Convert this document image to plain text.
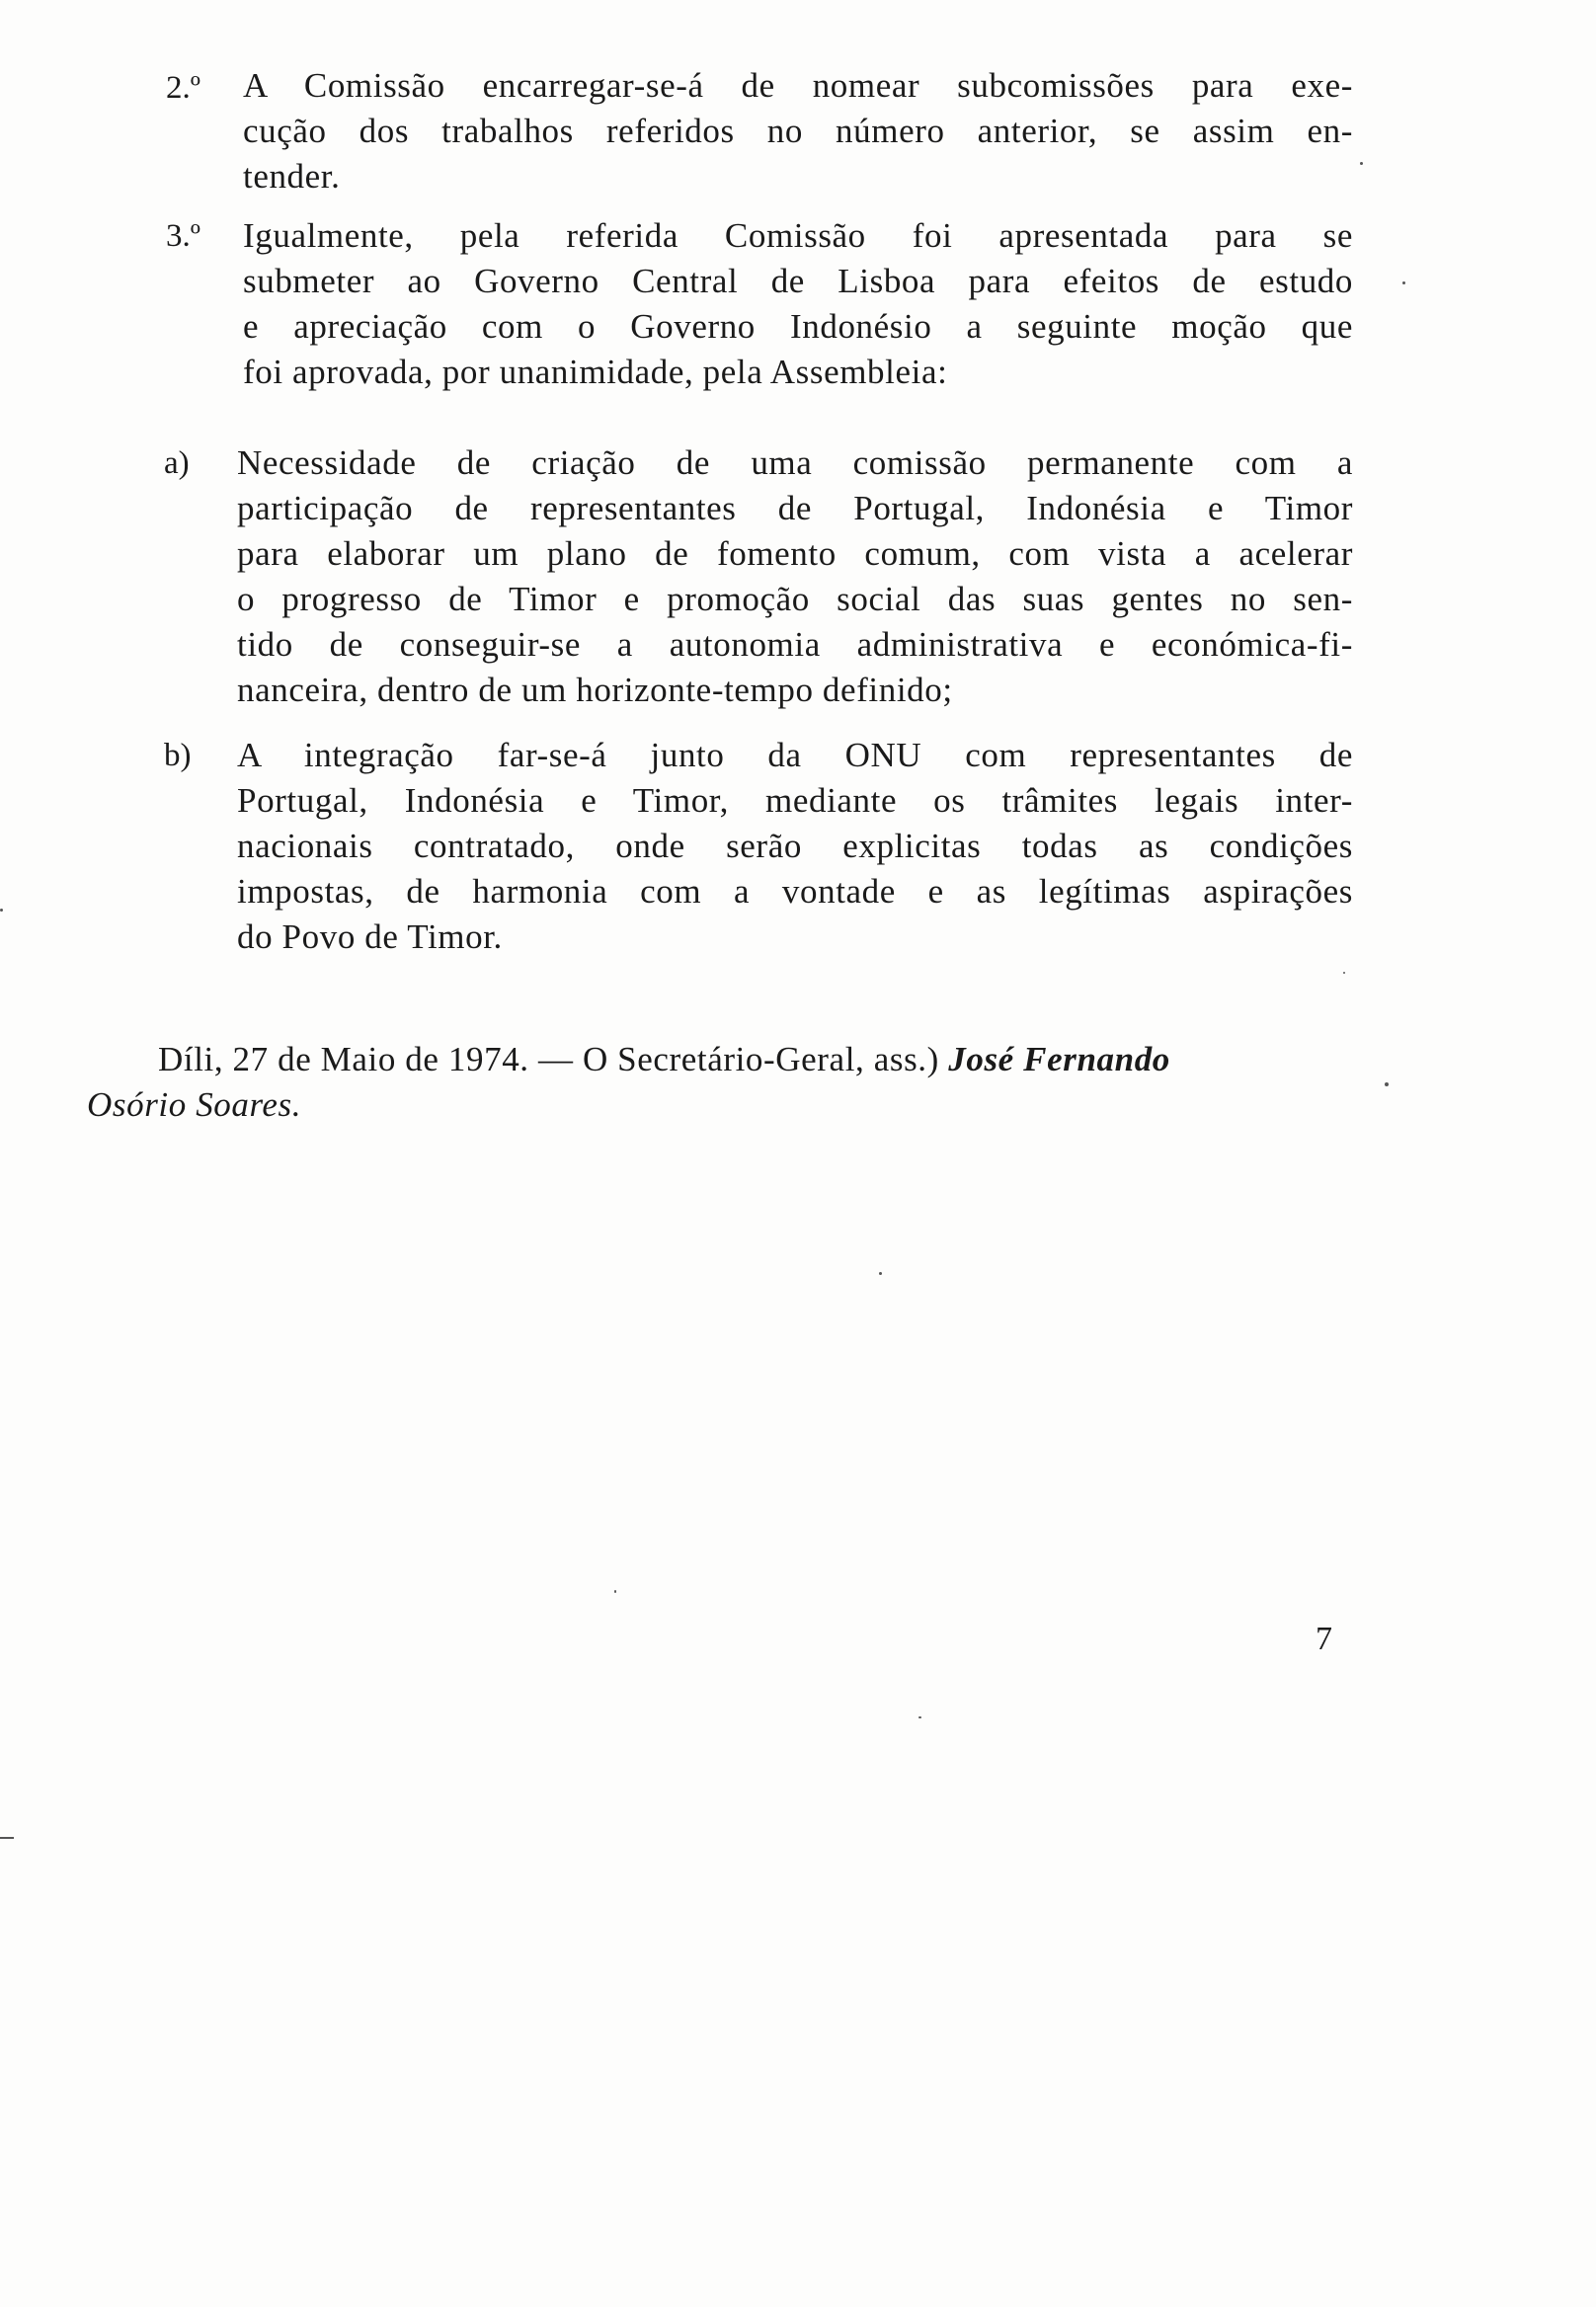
2.º A Comissão encarregar-se-á de nomear subcomissões para exe-
cução dos trabalhos referidos no número anterior, se assim en-
tender.
3.º Igualmente, pela referida Comissão foi apresentada para se
submeter ao Governo Central de Lisboa para efeitos de estudo
e apreciação com o Governo Indonésio a seguinte moção que
foi aprovada, por unanimidade, pela Assembleia:
a) Necessidade de criação de uma comissão permanente com a
participação de representantes de Portugal, Indonésia e Timor
para elaborar um plano de fomento comum, com vista a acelerar
o progresso de Timor e promoção social das suas gentes no sen-
tido de conseguir-se a autonomia administrativa e económica-fi-
nanceira, dentro de um horizonte-tempo definido;
b) A integração far-se-á junto da ONU com representantes de
Portugal, Indonésia e Timor, mediante os trâmites legais inter-
nacionais contratado, onde serão explicitas todas as condições
impostas, de harmonia com a vontade e as legítimas aspirações
do Povo de Timor.
Díli, 27 de Maio de 1974. — O Secretário-Geral, ass.) José Fernando
Osório Soares.
7
